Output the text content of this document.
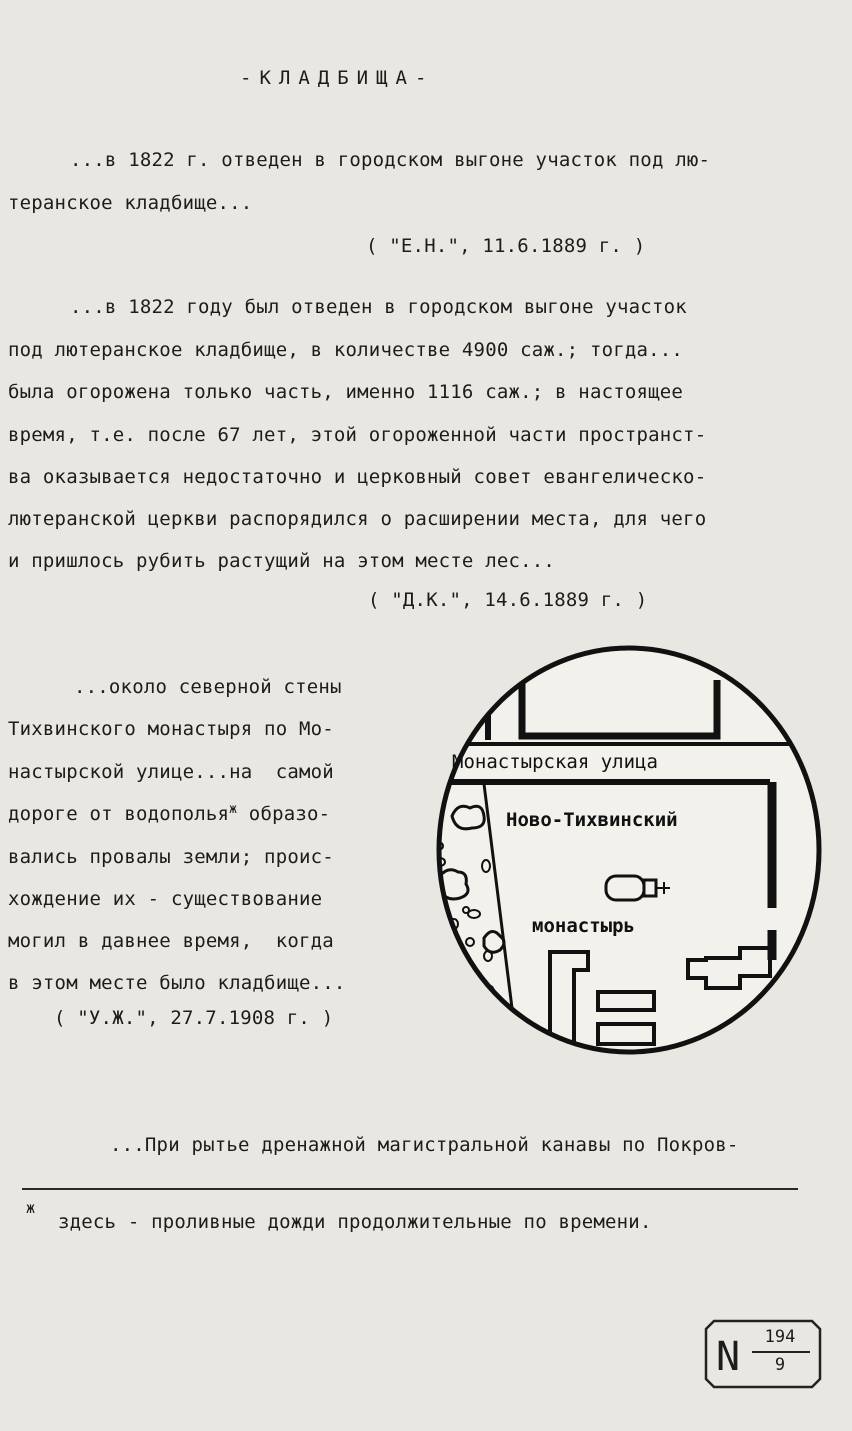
-КЛАДБИЩА-
...в 1822 г. отведен в городском выгоне участок под лю-
теранское кладбище...
( "Е.Н.", 11.6.1889 г. )
...в 1822 году был отведен в городском выгоне участок
под лютеранское кладбище, в количестве 4900 саж.; тогда...
была огорожена только часть, именно 1116 саж.; в настоящее
время, т.е. после 67 лет, этой огороженной части пространст-
ва оказывается недостаточно и церковный совет евангелическо-
лютеранской церкви распорядился о расширении места, для чего
и пришлось рубить растущий на этом месте лес...
( "Д.К.", 14.6.1889 г. )
...около северной стены
Тихвинского монастыря по Мо-
настырской улице...на  самой
дороге от водополья$^ж$ образо-
вались провалы земли; проис-
хождение их - существование
могил в давнее время,  когда
в этом месте было кладбище...
( "У.Ж.", 27.7.1908 г. )
Монастырская улица
Ново-Тихвинский
монастырь
...При рытье дренажной магистральной канавы по Покров-
ж
здесь - проливные дожди продолжительные по времени.
N	194
9
